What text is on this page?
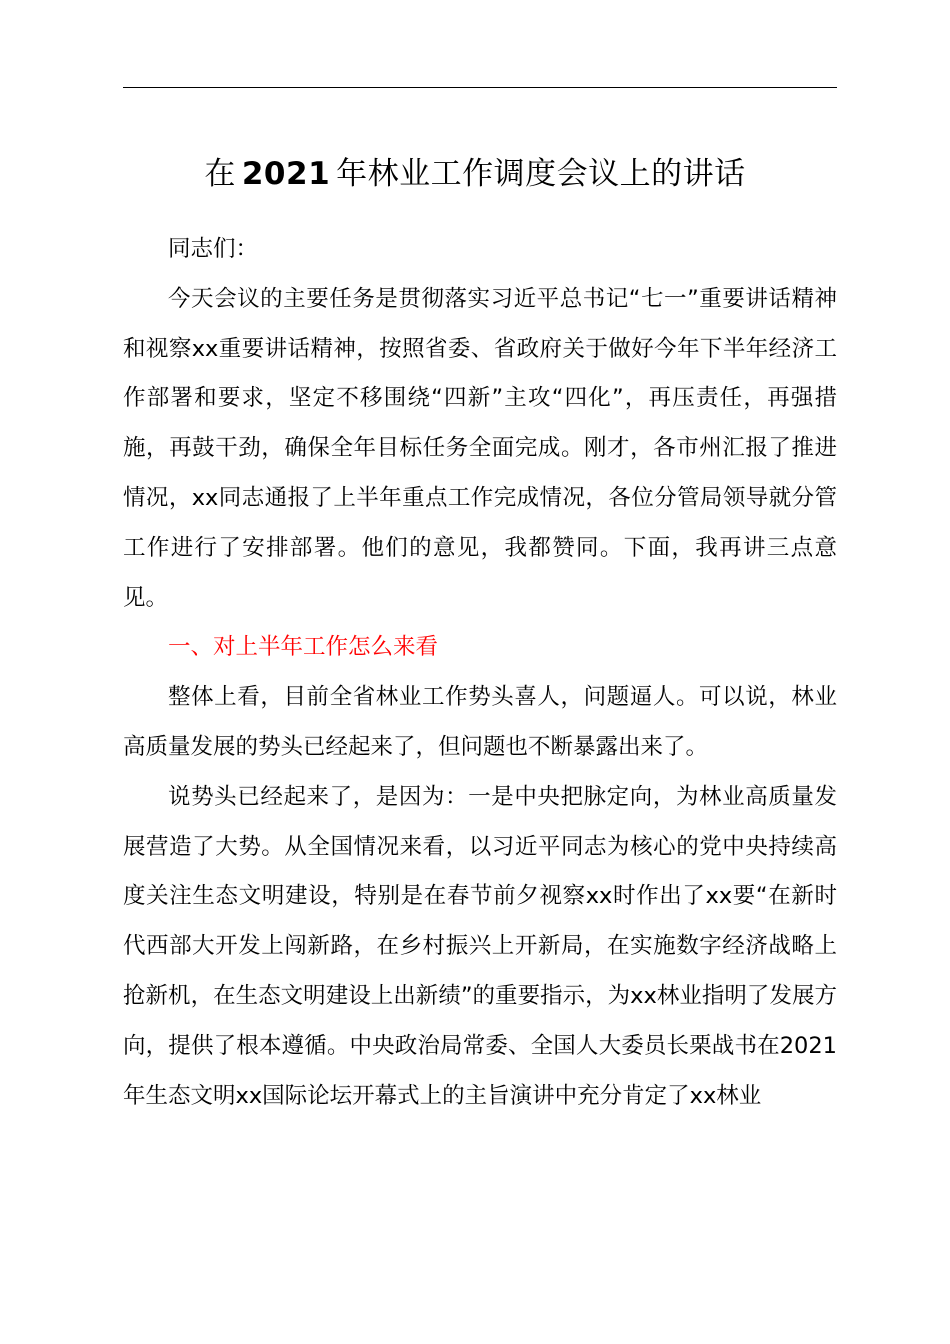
在 2021 年林业工作调度会议上的讲话

同志们：

今天会议的主要任务是贯彻落实习近平总书记“七一”重要讲话精神和视察xx重要讲话精神，按照省委、省政府关于做好今年下半年经济工作部署和要求，坚定不移围绕“四新”主攻“四化”，再压责任，再强措施，再鼓干劲，确保全年目标任务全面完成。刚才，各市州汇报了推进情况，xx同志通报了上半年重点工作完成情况，各位分管局领导就分管工作进行了安排部署。他们的意见，我都赞同。下面，我再讲三点意见。

一、对上半年工作怎么来看

整体上看，目前全省林业工作势头喜人，问题逼人。可以说，林业高质量发展的势头已经起来了，但问题也不断暴露出来了。

说势头已经起来了，是因为：一是中央把脉定向，为林业高质量发展营造了大势。从全国情况来看，以习近平同志为核心的党中央持续高度关注生态文明建设，特别是在春节前夕视察xx时作出了xx要“在新时代西部大开发上闯新路，在乡村振兴上开新局，在实施数字经济战略上抢新机，在生态文明建设上出新绩”的重要指示，为xx林业指明了发展方向，提供了根本遵循。中央政治局常委、全国人大委员长栗战书在2021年生态文明xx国际论坛开幕式上的主旨演讲中充分肯定了xx林业
